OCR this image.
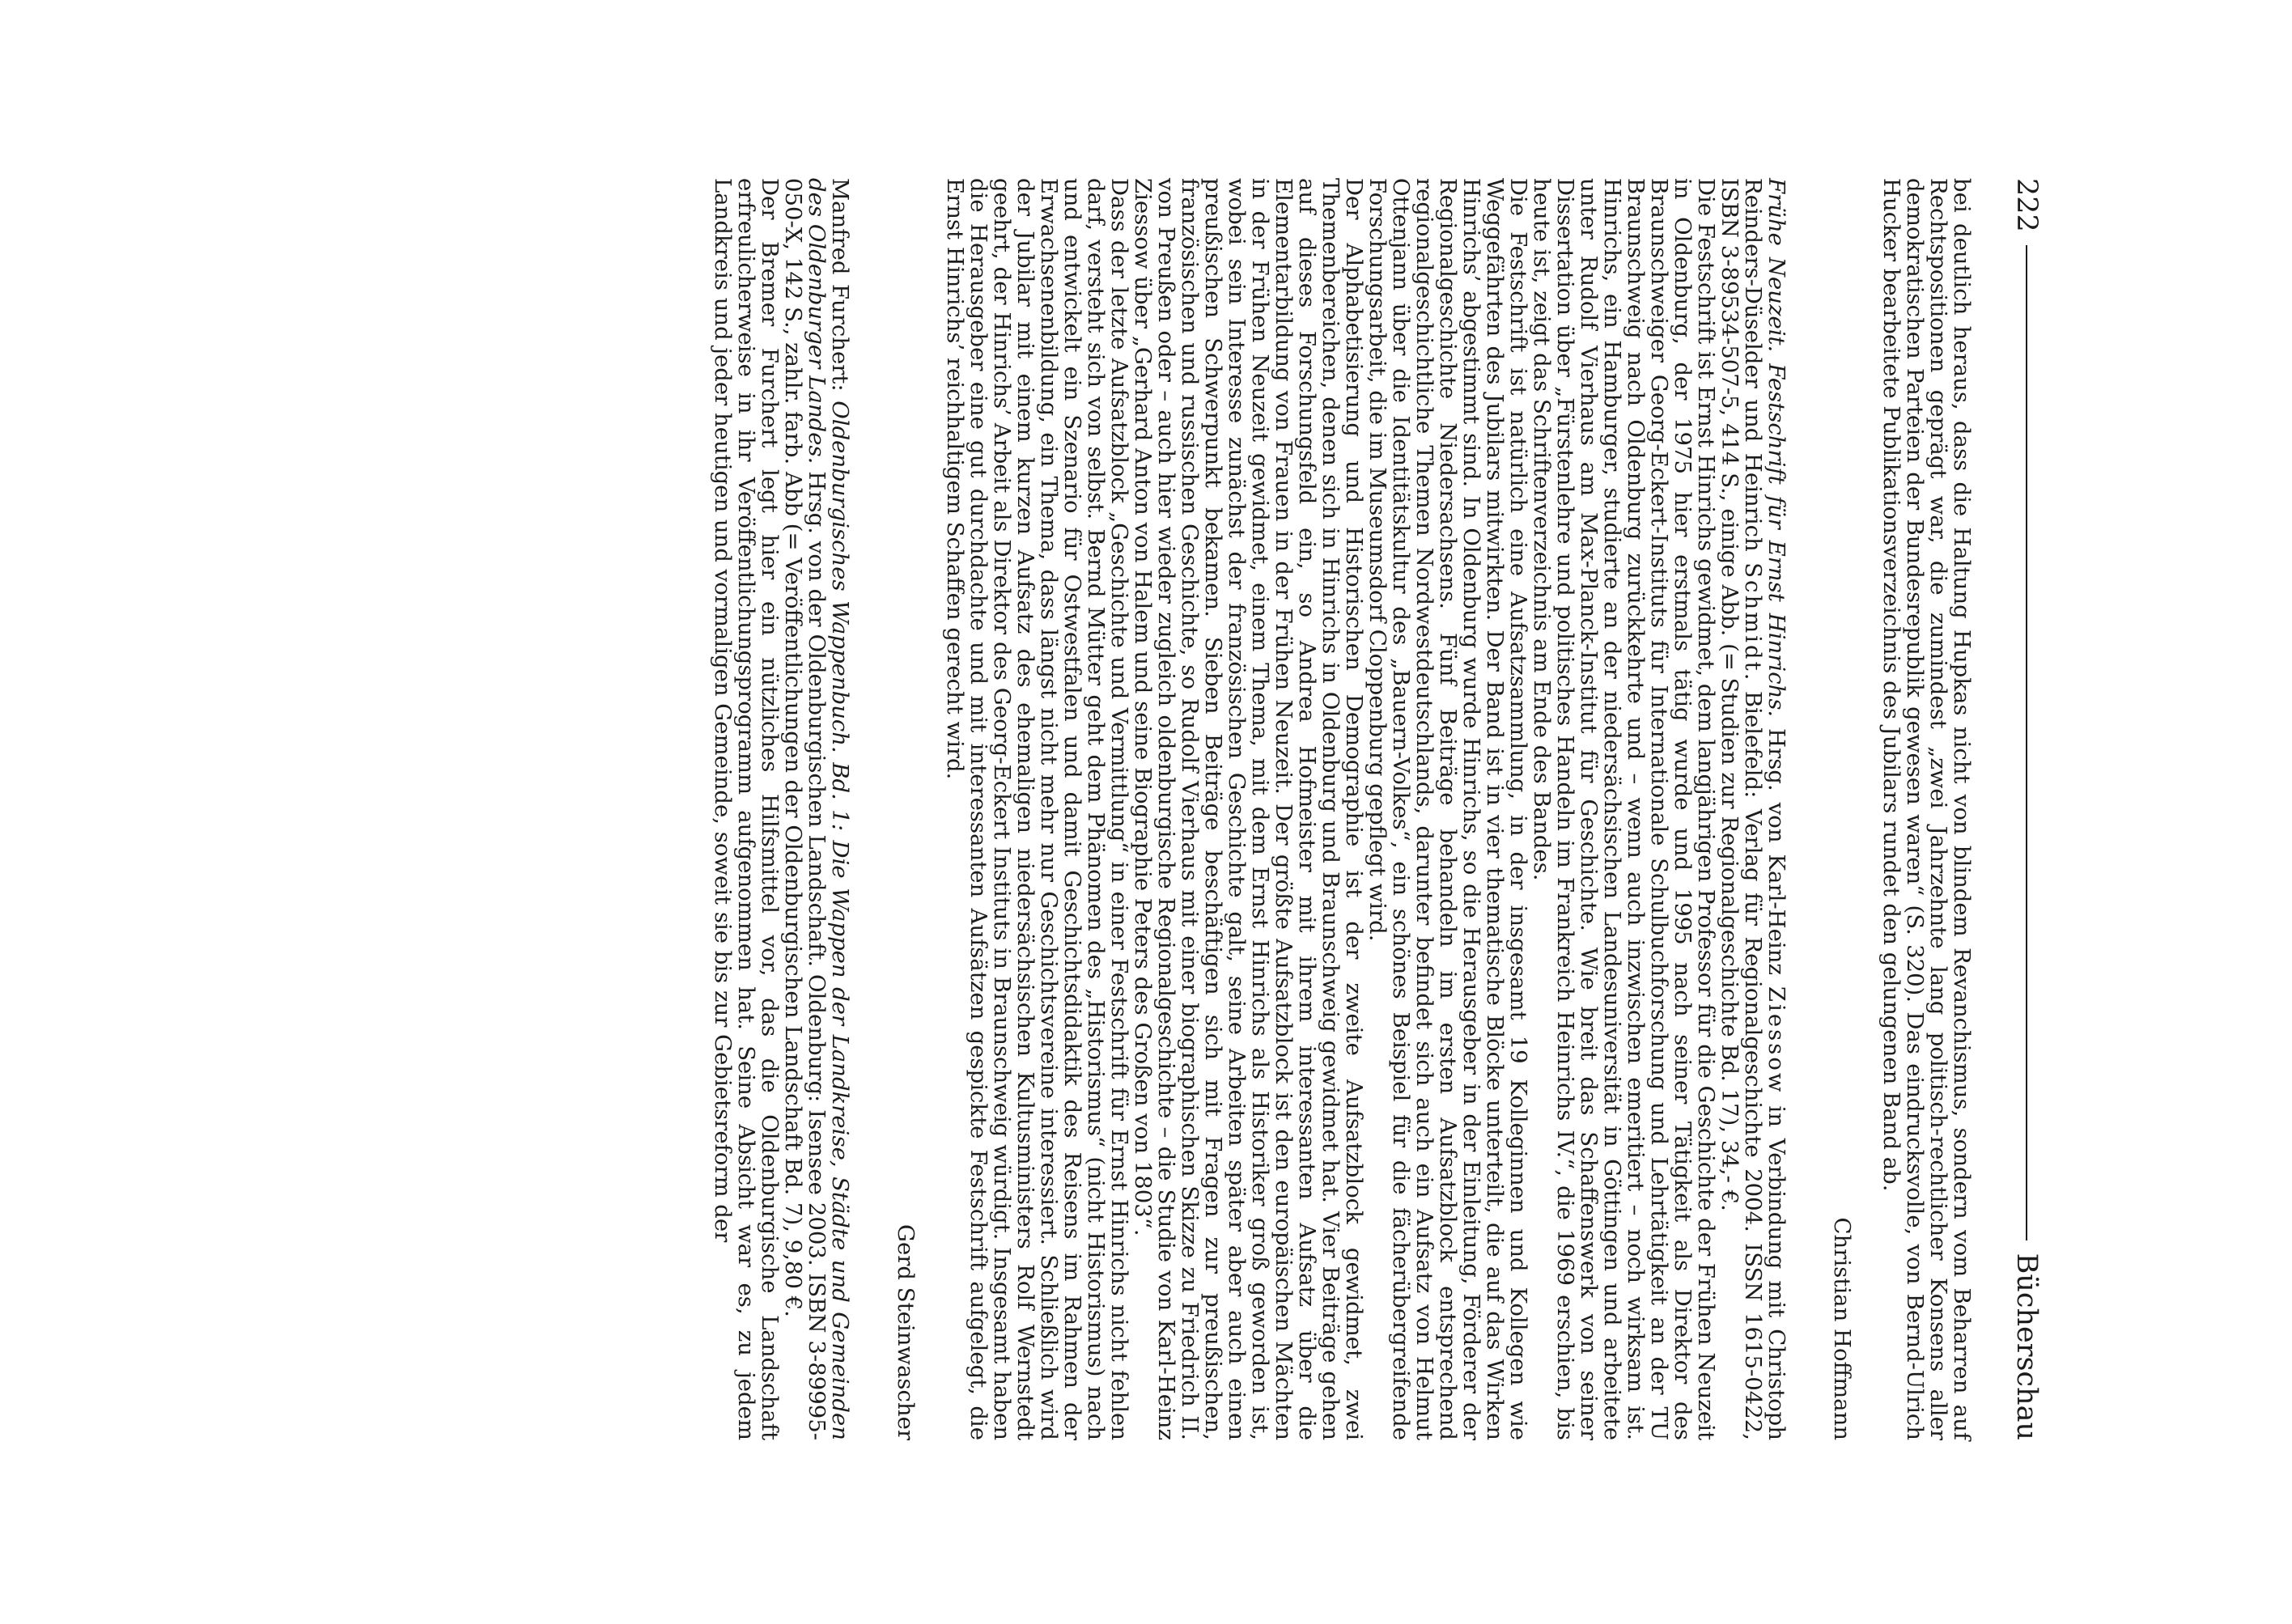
222
Bücherschau

bei deutlich heraus, dass die Haltung Hupkas nicht von blindem Revanchismus, sondern vom Beharren auf Rechtspositionen geprägt war, die zumindest „zwei Jahrzehnte lang politisch-rechtlicher Konsens aller demokratischen Parteien der Bundesrepublik gewesen waren“ (S. 320). Das eindrucksvolle, von Bernd-Ulrich Hucker bearbeitete Publikationsverzeichnis des Jubilars rundet den gelungenen Band ab.

Christian Hoffmann

Frühe Neuzeit. Festschrift für Ernst Hinrichs. Hrsg. von Karl-Heinz Ziessow in Verbindung mit Christoph Reinders-Düselder und Heinrich Schmidt. Bielefeld: Verlag für Regionalgeschichte 2004. ISSN 1615-0422, ISBN 3-89534-507-5, 414 S., einige Abb. (= Studien zur Regionalgeschichte Bd. 17), 34,- €.

Die Festschrift ist Ernst Hinrichs gewidmet, dem langjährigen Professor für die Geschichte der Frühen Neuzeit in Oldenburg, der 1975 hier erstmals tätig wurde und 1995 nach seiner Tätigkeit als Direktor des Braunschweiger Georg-Eckert-Instituts für Internationale Schulbuchforschung und Lehrtätigkeit an der TU Braunschweig nach Oldenburg zurückkehrte und – wenn auch inzwischen emeritiert – noch wirksam ist. Hinrichs, ein Hamburger, studierte an der niedersächsischen Landesuniversität in Göttingen und arbeitete unter Rudolf Vierhaus am Max-Planck-Institut für Geschichte. Wie breit das Schaffenswerk von seiner Dissertation über „Fürstenlehre und politisches Handeln im Frankreich Heinrichs IV.“, die 1969 erschien, bis heute ist, zeigt das Schriftenverzeichnis am Ende des Bandes.

Die Festschrift ist natürlich eine Aufsatzsammlung, in der insgesamt 19 Kolleginnen und Kollegen wie Weggefährten des Jubilars mitwirkten. Der Band ist in vier thematische Blöcke unterteilt, die auf das Wirken Hinrichs’ abgestimmt sind. In Oldenburg wurde Hinrichs, so die Herausgeber in der Einleitung, Förderer der Regionalgeschichte Niedersachsens. Fünf Beiträge behandeln im ersten Aufsatzblock entsprechend regionalgeschichtliche Themen Nordwestdeutschlands, darunter befindet sich auch ein Aufsatz von Helmut Ottenjann über die Identitätskultur des „Bauern-Volkes“, ein schönes Beispiel für die fächerübergreifende Forschungsarbeit, die im Museumsdorf Cloppenburg gepflegt wird.

Der Alphabetisierung und Historischen Demographie ist der zweite Aufsatzblock gewidmet, zwei Themenbereichen, denen sich in Hinrichs in Oldenburg und Braunschweig gewidmet hat. Vier Beiträge gehen auf dieses Forschungsfeld ein, so Andrea Hofmeister mit ihrem interessanten Aufsatz über die Elementarbildung von Frauen in der Frühen Neuzeit. Der größte Aufsatzblock ist den europäischen Mächten in der Frühen Neuzeit gewidmet, einem Thema, mit dem Ernst Hinrichs als Historiker groß geworden ist, wobei sein Interesse zunächst der französischen Geschichte galt, seine Arbeiten später aber auch einen preußischen Schwerpunkt bekamen. Sieben Beiträge beschäftigen sich mit Fragen zur preußischen, französischen und russischen Geschichte, so Rudolf Vierhaus mit einer biographischen Skizze zu Friedrich II. von Preußen oder – auch hier wieder zugleich oldenburgische Regionalgeschichte – die Studie von Karl-Heinz Ziessow über „Gerhard Anton von Halem und seine Biographie Peters des Großen von 1803“.

Dass der letzte Aufsatzblock „Geschichte und Vermittlung“ in einer Festschrift für Ernst Hinrichs nicht fehlen darf, versteht sich von selbst. Bernd Mütter geht dem Phänomen des „Historismus“ (nicht Historismus) nach und entwickelt ein Szenario für Ostwestfalen und damit Geschichtsdidaktik des Reisens im Rahmen der Erwachsenenbildung, ein Thema, dass längst nicht mehr nur Geschichtsvereine interessiert. Schließlich wird der Jubilar mit einem kurzen Aufsatz des ehemaligen niedersächsischen Kultusministers Rolf Wernstedt geehrt, der Hinrichs’ Arbeit als Direktor des Georg-Eckert Instituts in Braunschweig würdigt. Insgesamt haben die Herausgeber eine gut durchdachte und mit interessanten Aufsätzen gespickte Festschrift aufgelegt, die Ernst Hinrichs’ reichhaltigem Schaffen gerecht wird.

Gerd Steinwascher

Manfred Furchert: Oldenburgisches Wappenbuch. Bd. 1: Die Wappen der Landkreise, Städte und Gemeinden des Oldenburger Landes. Hrsg. von der Oldenburgischen Landschaft. Oldenburg: Isensee 2003. ISBN 3-89995-050-X, 142 S., zahlr. farb. Abb (= Veröffentlichungen der Oldenburgischen Landschaft Bd. 7), 9,80 €.

Der Bremer Furchert legt hier ein nützliches Hilfsmittel vor, das die Oldenburgische Landschaft erfreulicherweise in ihr Veröffentlichungsprogramm aufgenommen hat. Seine Absicht war es, zu jedem Landkreis und jeder heutigen und vormaligen Gemeinde, soweit sie bis zur Gebietsreform der
